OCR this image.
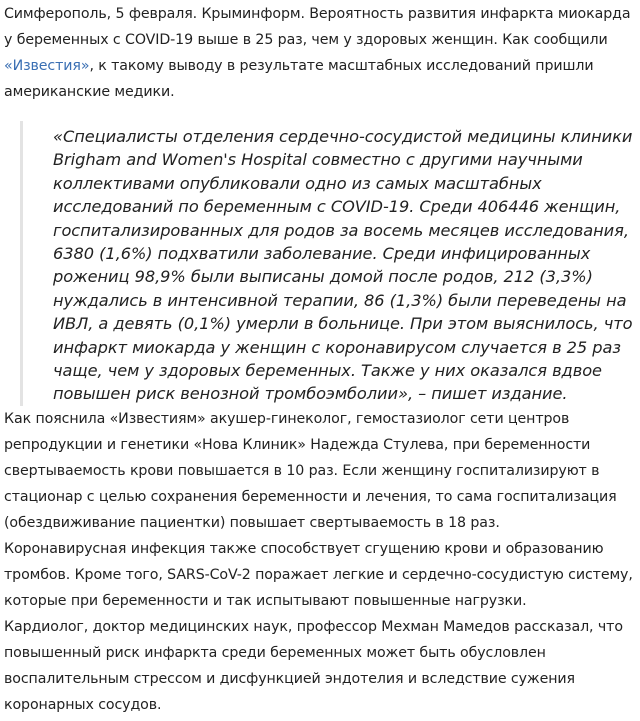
Симферополь, 5 февраля. Крыминформ. Вероятность развития инфаркта миокарда у беременных с COVID-19 выше в 25 раз, чем у здоровых женщин. Как сообщили «Известия», к такому выводу в результате масштабных исследований пришли американские медики.

«Специалисты отделения сердечно-сосудистой медицины клиники Brigham and Women's Hospital совместно с другими научными коллективами опубликовали одно из самых масштабных исследований по беременным с COVID-19. Среди 406446 женщин, госпитализированных для родов за восемь месяцев исследования, 6380 (1,6%) подхватили заболевание. Среди инфицированных рожениц 98,9% были выписаны домой после родов, 212 (3,3%) нуждались в интенсивной терапии, 86 (1,3%) были переведены на ИВЛ, а девять (0,1%) умерли в больнице. При этом выяснилось, что инфаркт миокарда у женщин с коронавирусом случается в 25 раз чаще, чем у здоровых беременных. Также у них оказался вдвое повышен риск венозной тромбоэмболии», – пишет издание.

Как пояснила «Известиям» акушер-гинеколог, гемостазиолог сети центров репродукции и генетики «Нова Клиник» Надежда Стулева, при беременности свертываемость крови повышается в 10 раз. Если женщину госпитализируют в стационар с целью сохранения беременности и лечения, то сама госпитализация (обездвиживание пациентки) повышает свертываемость в 18 раз.

Коронавирусная инфекция также способствует сгущению крови и образованию тромбов. Кроме того, SARS-CoV-2 поражает легкие и сердечно-сосудистую систему, которые при беременности и так испытывают повышенные нагрузки.

Кардиолог, доктор медицинских наук, профессор Мехман Мамедов рассказал, что повышенный риск инфаркта среди беременных может быть обусловлен воспалительным стрессом и дисфункцией эндотелия и вследствие сужения коронарных сосудов.
